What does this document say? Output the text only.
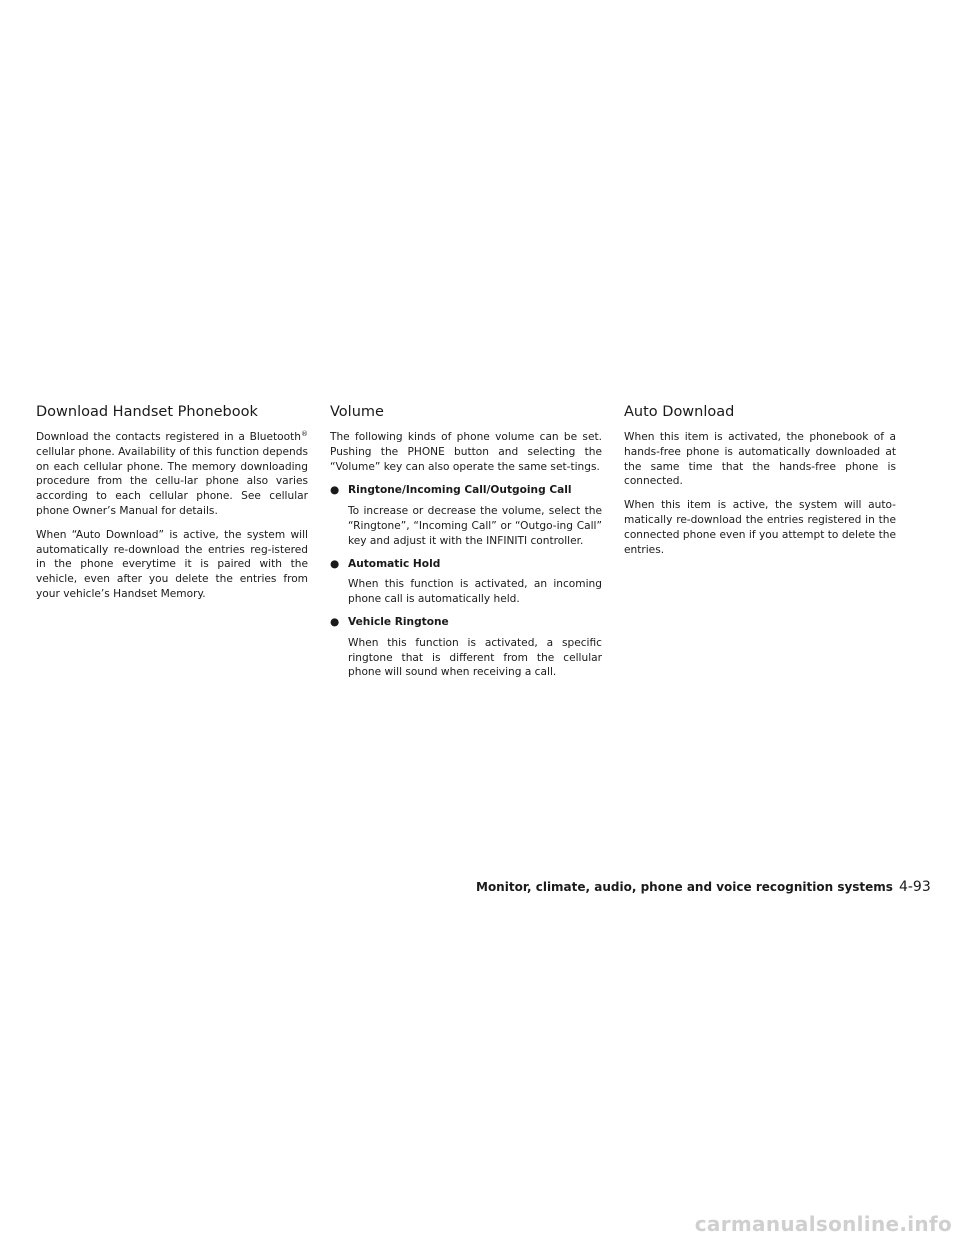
Download Handset Phonebook

Download the contacts registered in a Bluetooth® cellular phone. Availability of this function depends on each cellular phone. The memory downloading procedure from the cellu-lar phone also varies according to each cellular phone. See cellular phone Owner’s Manual for details.

When “Auto Download” is active, the system will automatically re-download the entries reg-istered in the phone everytime it is paired with the vehicle, even after you delete the entries from your vehicle’s Handset Memory.

Volume

The following kinds of phone volume can be set. Pushing the PHONE button and selecting the “Volume” key can also operate the same set-tings.

● Ringtone/Incoming Call/Outgoing Call

To increase or decrease the volume, select the “Ringtone”, “Incoming Call” or “Outgo-ing Call” key and adjust it with the INFINITI controller.

● Automatic Hold

When this function is activated, an incoming phone call is automatically held.

● Vehicle Ringtone

When this function is activated, a specific ringtone that is different from the cellular phone will sound when receiving a call.

Auto Download

When this item is activated, the phonebook of a hands-free phone is automatically downloaded at the same time that the hands-free phone is connected.

When this item is active, the system will auto-matically re-download the entries registered in the connected phone even if you attempt to delete the entries.

Monitor, climate, audio, phone and voice recognition systems 4-93
carmanualsonline.info
